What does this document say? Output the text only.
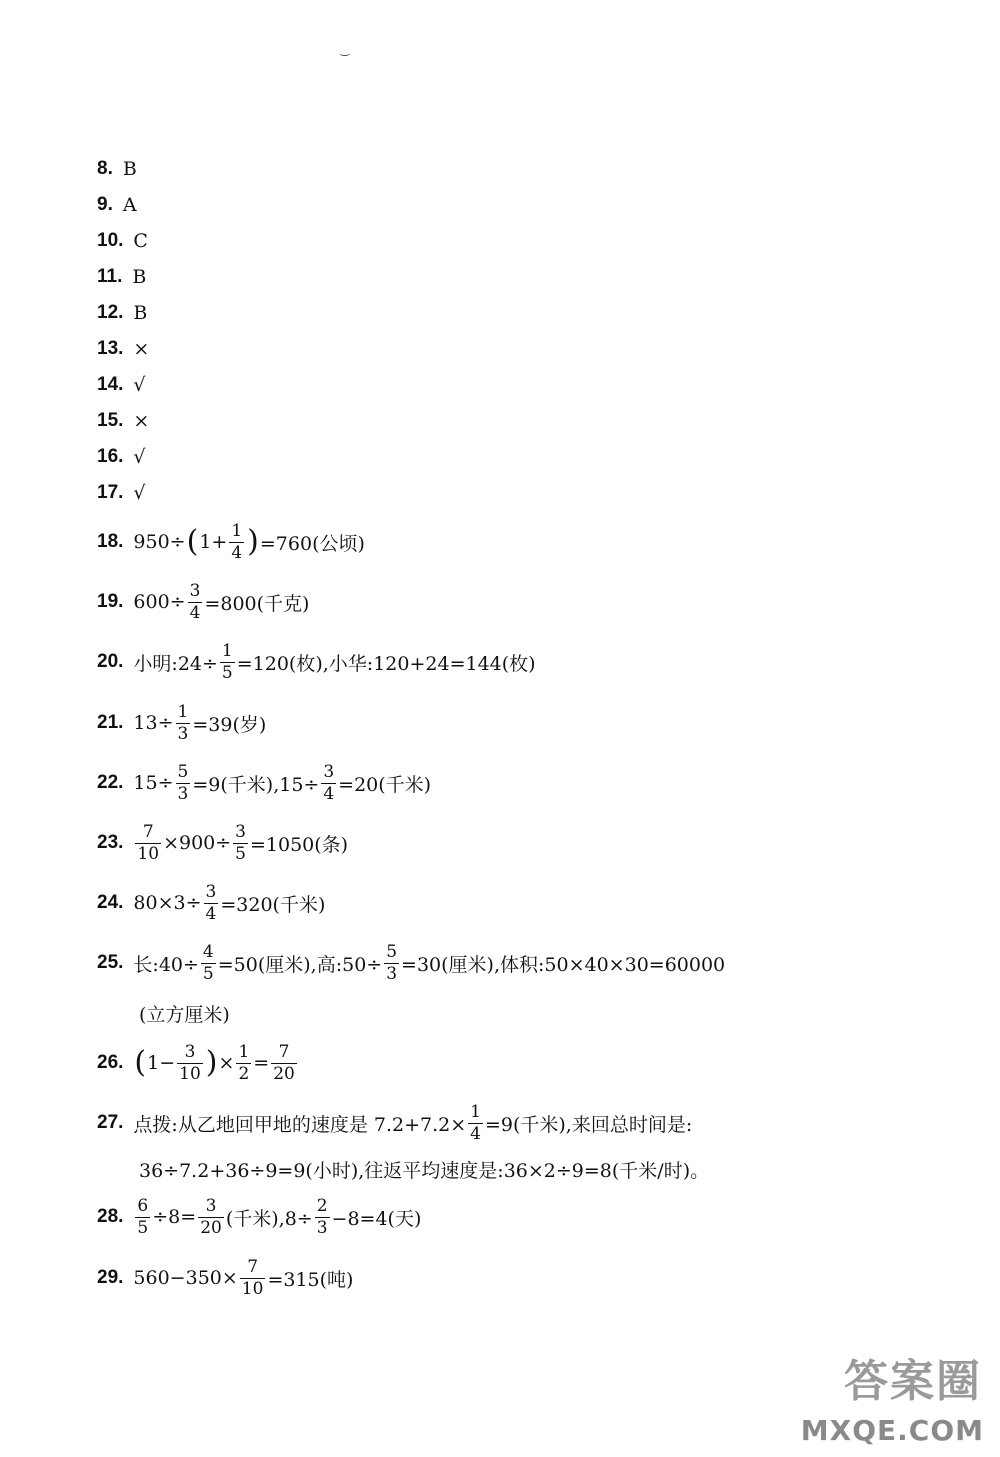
‿
8. B
9. A
10. C
11. B
12. B
13. ×
14. √
15. ×
16. √
17. √
18. 950÷ ( $1+ \frac{1}{4}$ ) =760(公顷)
19. $600\div \frac{3}{4} =800$(千克)
20. 小明:24÷ $\frac{1}{5} =120$(枚),小华:120+24=144(枚)
21. $13\div \frac{1}{3} =39$(岁)
22. $15\div \frac{5}{3} =9$(千米)$,15\div \frac{3}{4} =20$(千米)
23. $\frac{7}{10} \times 900\div \frac{3}{5} =1050$(条)
24. $80\times 3\div \frac{3}{4} =320$(千米)
25. 长:40÷ $\frac{4}{5} =50$(厘米),高:50÷ $\frac{5}{3} =30$(厘米),体积:50×40×30=60000
(立方厘米)
26. ( $1- \frac{3}{10}$ ) × $\frac{1}{2} = \frac{7}{20}$
27. 点拨:从乙地回甲地的速度是 $7.2+7.2\times \frac{1}{4} =9$(千米),来回总时间是:
36÷7.2+36÷9=9(小时),往返平均速度是:36×2÷9=8(千米/时)。
28. $\frac{6}{5} \div 8= \frac{3}{20}$ (千米)$,8\div \frac{2}{3} -8=4$(天)
29. $560-350\times \frac{7}{10} =315$(吨)
答案圈
MXQE.COM
